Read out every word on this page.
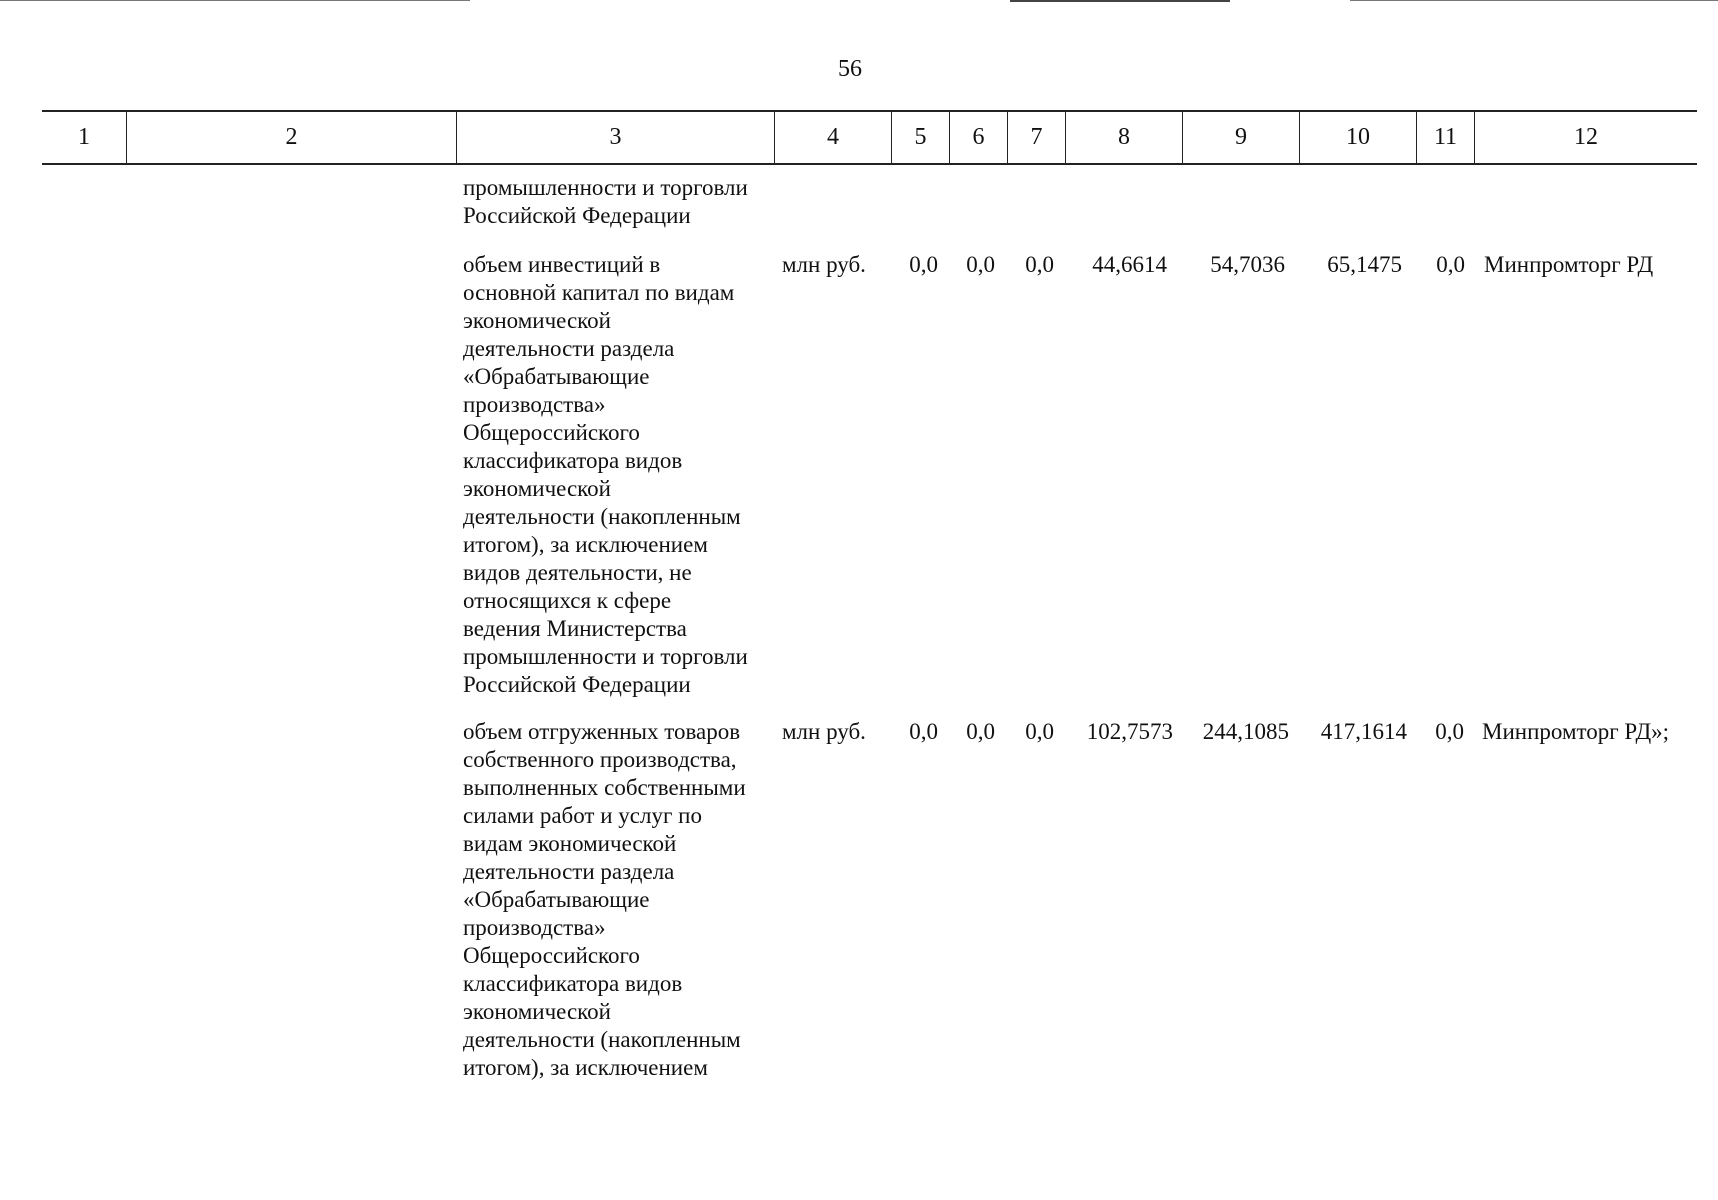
56
1	2	3	4	5	6	7	8	9	10	11	12
промышленности и торговли
Российской Федерации
объем инвестиций в
основной капитал по видам
экономической
деятельности раздела
«Обрабатывающие
производства»
Общероссийского
классификатора видов
экономической
деятельности (накопленным
итогом), за исключением
видов деятельности, не
относящихся к сфере
ведения Министерства
промышленности и торговли
Российской Федерации
млн руб.	0,0	0,0	0,0	44,6614	54,7036	65,1475	0,0 Минпромторг РД
объем отгруженных товаров
собственного производства,
выполненных собственными
силами работ и услуг по
видам экономической
деятельности раздела
«Обрабатывающие
производства»
Общероссийского
классификатора видов
экономической
деятельности (накопленным
итогом), за исключением
млн руб.	0,0	0,0	0,0	102,7573	244,1085	417,1614	0,0 Минпромторг РД»;
